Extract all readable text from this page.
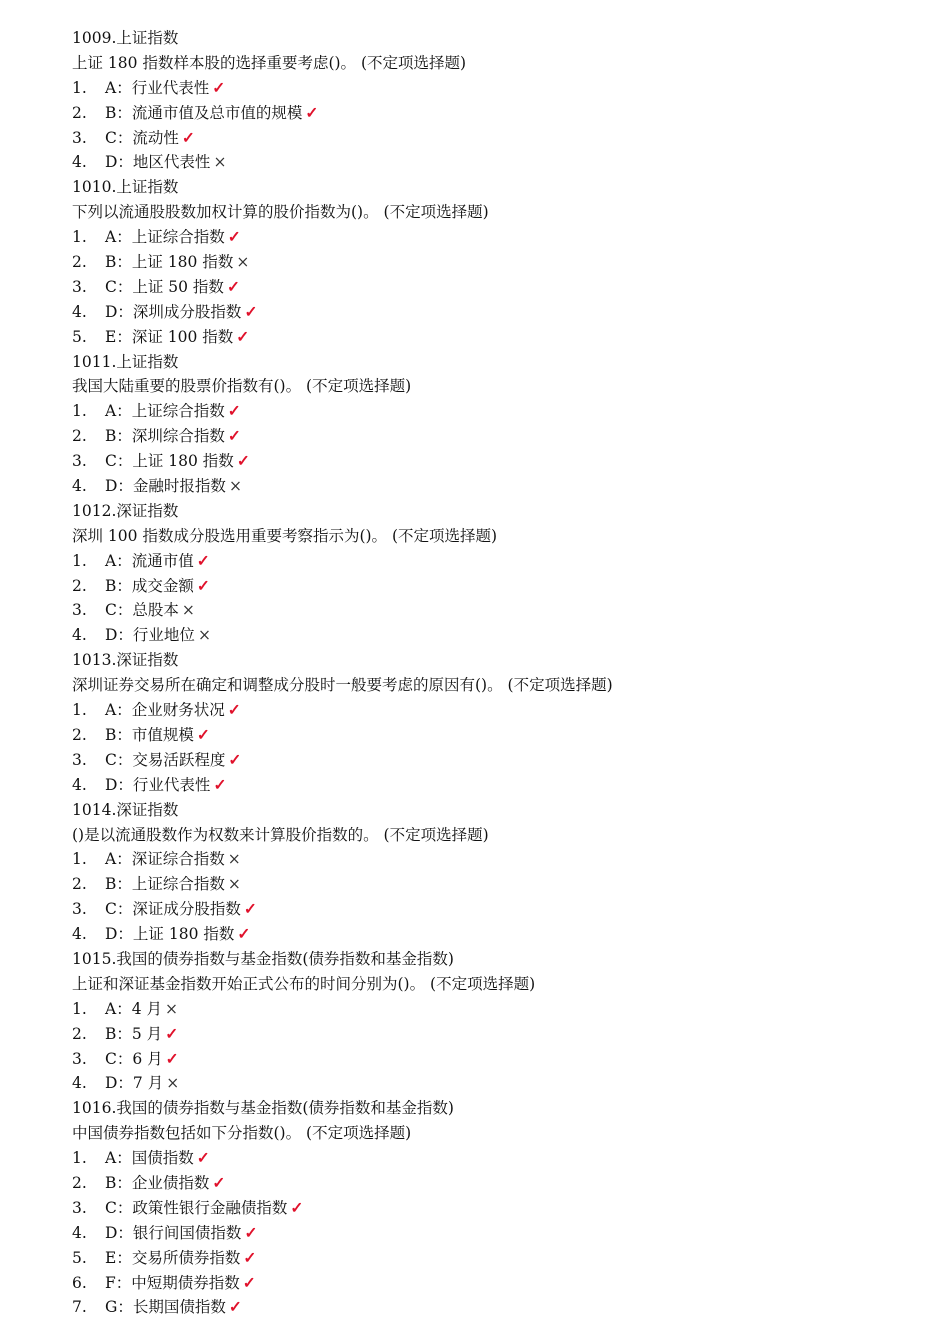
1009.上证指数
上证 180 指数样本股的选择重要考虑()。 (不定项选择题)
1.	A：行业代表性 ✓
2.	B：流通市值及总市值的规模 ✓
3.	C：流动性 ✓
4.	D：地区代表性 ×
1010.上证指数
下列以流通股股数加权计算的股价指数为()。 (不定项选择题)
1.	A：上证综合指数 ✓
2.	B：上证 180 指数 ×
3.	C：上证 50 指数 ✓
4.	D：深圳成分股指数 ✓
5.	E：深证 100 指数 ✓
1011.上证指数
我国大陆重要的股票价指数有()。 (不定项选择题)
1.	A：上证综合指数 ✓
2.	B：深圳综合指数 ✓
3.	C：上证 180 指数 ✓
4.	D：金融时报指数 ×
1012.深证指数
深圳 100 指数成分股选用重要考察指示为()。 (不定项选择题)
1.	A：流通市值 ✓
2.	B：成交金额 ✓
3.	C：总股本 ×
4.	D：行业地位 ×
1013.深证指数
深圳证券交易所在确定和调整成分股时一般要考虑的原因有()。 (不定项选择题)
1.	A：企业财务状况 ✓
2.	B：市值规模 ✓
3.	C：交易活跃程度 ✓
4.	D：行业代表性 ✓
1014.深证指数
()是以流通股数作为权数来计算股价指数的。 (不定项选择题)
1.	A：深证综合指数 ×
2.	B：上证综合指数 ×
3.	C：深证成分股指数 ✓
4.	D：上证 180 指数 ✓
1015.我国的债券指数与基金指数(债券指数和基金指数)
上证和深证基金指数开始正式公布的时间分别为()。 (不定项选择题)
1.	A：4 月 ×
2.	B：5 月 ✓
3.	C：6 月 ✓
4.	D：7 月 ×
1016.我国的债券指数与基金指数(债券指数和基金指数)
中国债券指数包括如下分指数()。 (不定项选择题)
1.	A：国债指数 ✓
2.	B：企业债指数 ✓
3.	C：政策性银行金融债指数 ✓
4.	D：银行间国债指数 ✓
5.	E：交易所债券指数 ✓
6.	F：中短期债券指数 ✓
7.	G：长期国债指数 ✓
